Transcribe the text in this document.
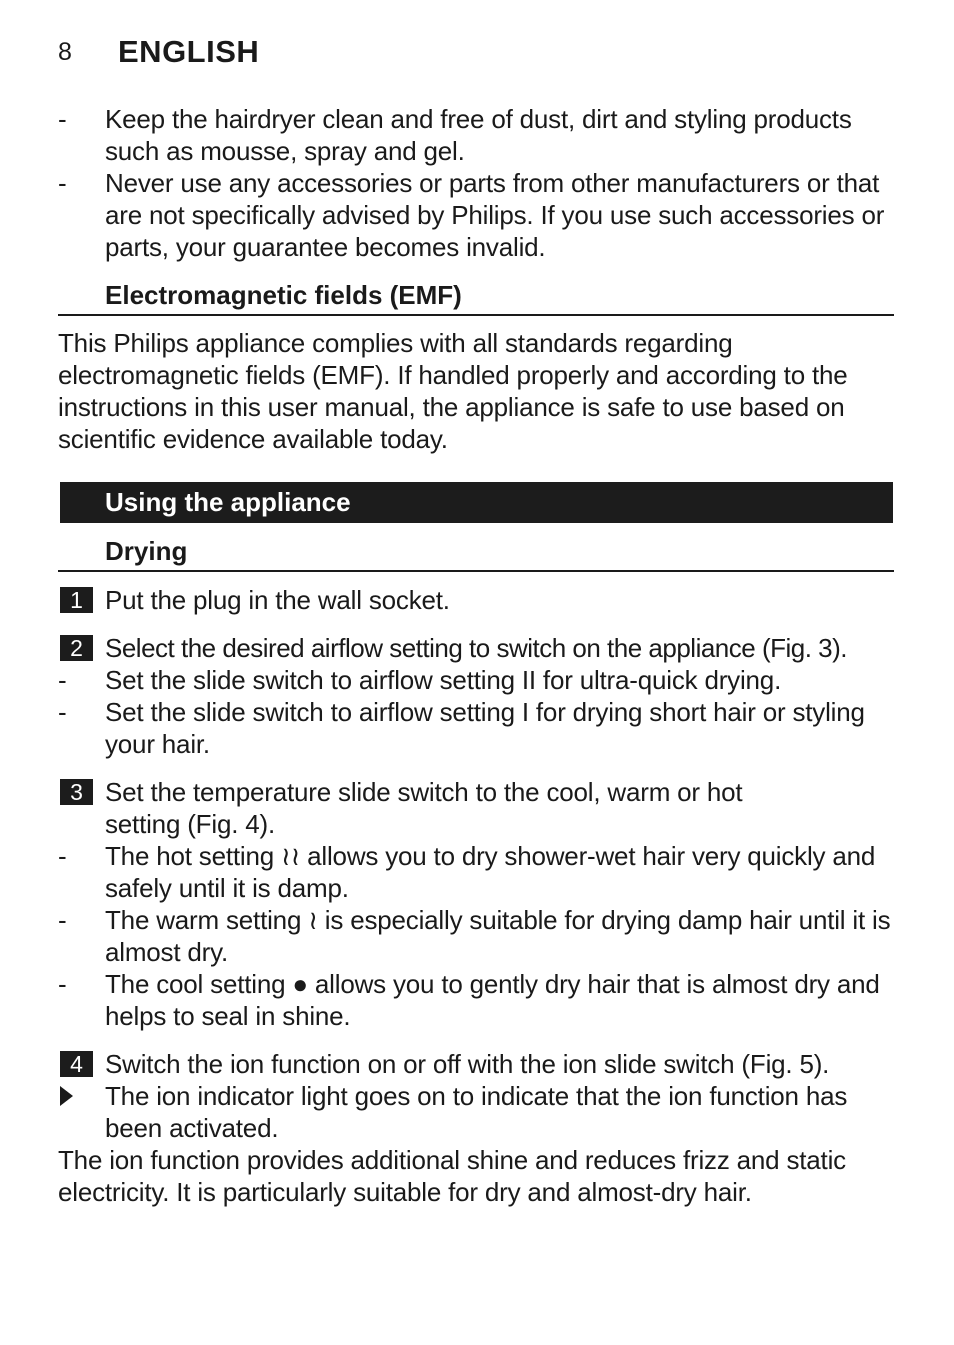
8 ENGLISH
-	Keep the hairdryer clean and free of dust, dirt and styling products such as mousse, spray and gel.
-	Never use any accessories or parts from other manufacturers or that are not specifically advised by Philips. If you use such accessories or parts, your guarantee becomes invalid.
Electromagnetic fields (EMF)
This Philips appliance complies with all standards regarding electromagnetic fields (EMF). If handled properly and according to the instructions in this user manual, the appliance is safe to use based on scientific evidence available today.
Using the appliance
Drying
1 Put the plug in the wall socket.
2 Select the desired airflow setting to switch on the appliance (Fig. 3).
-	Set the slide switch to airflow setting II for ultra-quick drying.
-	Set the slide switch to airflow setting I for drying short hair or styling your hair.
3 Set the temperature slide switch to the cool, warm or hot setting (Fig. 4).
-	The hot setting ≀≀ allows you to dry shower-wet hair very quickly and safely until it is damp.
-	The warm setting ≀ is especially suitable for drying damp hair until it is almost dry.
-	The cool setting ● allows you to gently dry hair that is almost dry and helps to seal in shine.
4 Switch the ion function on or off with the ion slide switch (Fig. 5).
The ion indicator light goes on to indicate that the ion function has been activated.
The ion function provides additional shine and reduces frizz and static electricity. It is particularly suitable for dry and almost-dry hair.
